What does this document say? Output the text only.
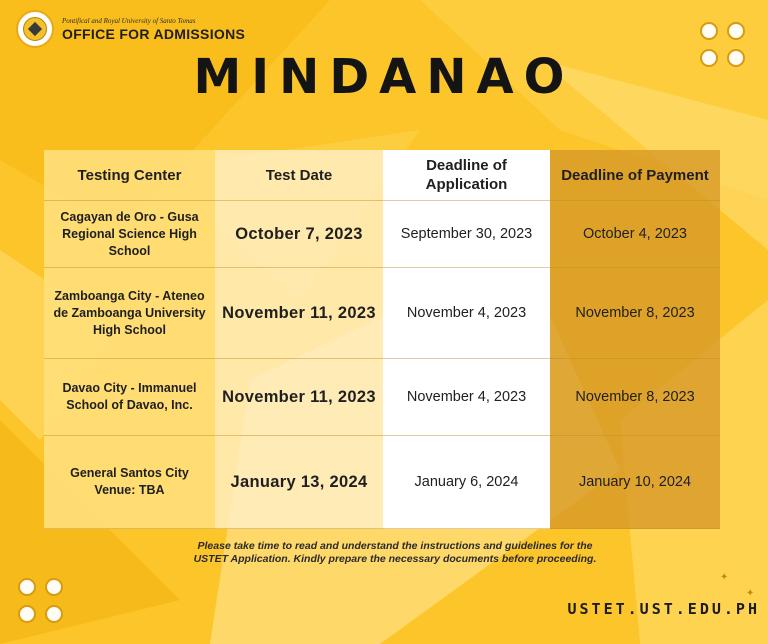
Pontifical and Royal University of Santo Tomas
OFFICE FOR ADMISSIONS
MINDANAO
Testing Center	Test Date	Deadline of Application	Deadline of Payment
Cagayan de Oro - Gusa Regional Science High School	October 7, 2023	September 30, 2023	October 4, 2023
Zamboanga City - Ateneo de Zamboanga University High School	November 11, 2023	November 4, 2023	November 8, 2023
Davao City - Immanuel School of Davao, Inc.	November 11, 2023	November 4, 2023	November 8, 2023
General Santos City Venue: TBA	January 13, 2024	January 6, 2024	January 10, 2024
Please take time to read and understand the instructions and guidelines for the USTET Application. Kindly prepare the necessary documents before proceeding.
✦
✦
USTET.UST.EDU.PH
